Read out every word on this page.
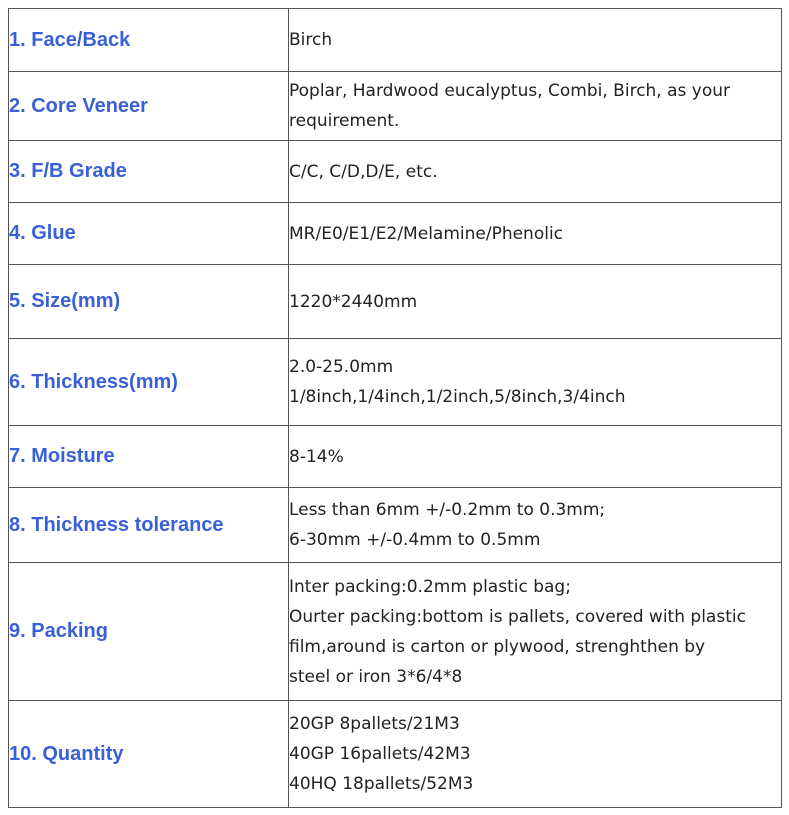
1. Face/Back	Birch

2. Core Veneer	Poplar, Hardwood eucalyptus, Combi, Birch, as your
requirement.

3. F/B Grade	C/C, C/D,D/E, etc.

4. Glue	MR/E0/E1/E2/Melamine/Phenolic

5. Size(mm)	1220*2440mm

6. Thickness(mm)	2.0-25.0mm
1/8inch,1/4inch,1/2inch,5/8inch,3/4inch

7. Moisture	8-14%

8. Thickness tolerance	Less than 6mm +/-0.2mm to 0.3mm;
6-30mm +/-0.4mm to 0.5mm

9. Packing	Inter packing:0.2mm plastic bag;
Ourter packing:bottom is pallets, covered with plastic
film,around is carton or plywood, strenghthen by
steel or iron 3*6/4*8

10. Quantity	20GP 8pallets/21M3
40GP 16pallets/42M3
40HQ 18pallets/52M3
